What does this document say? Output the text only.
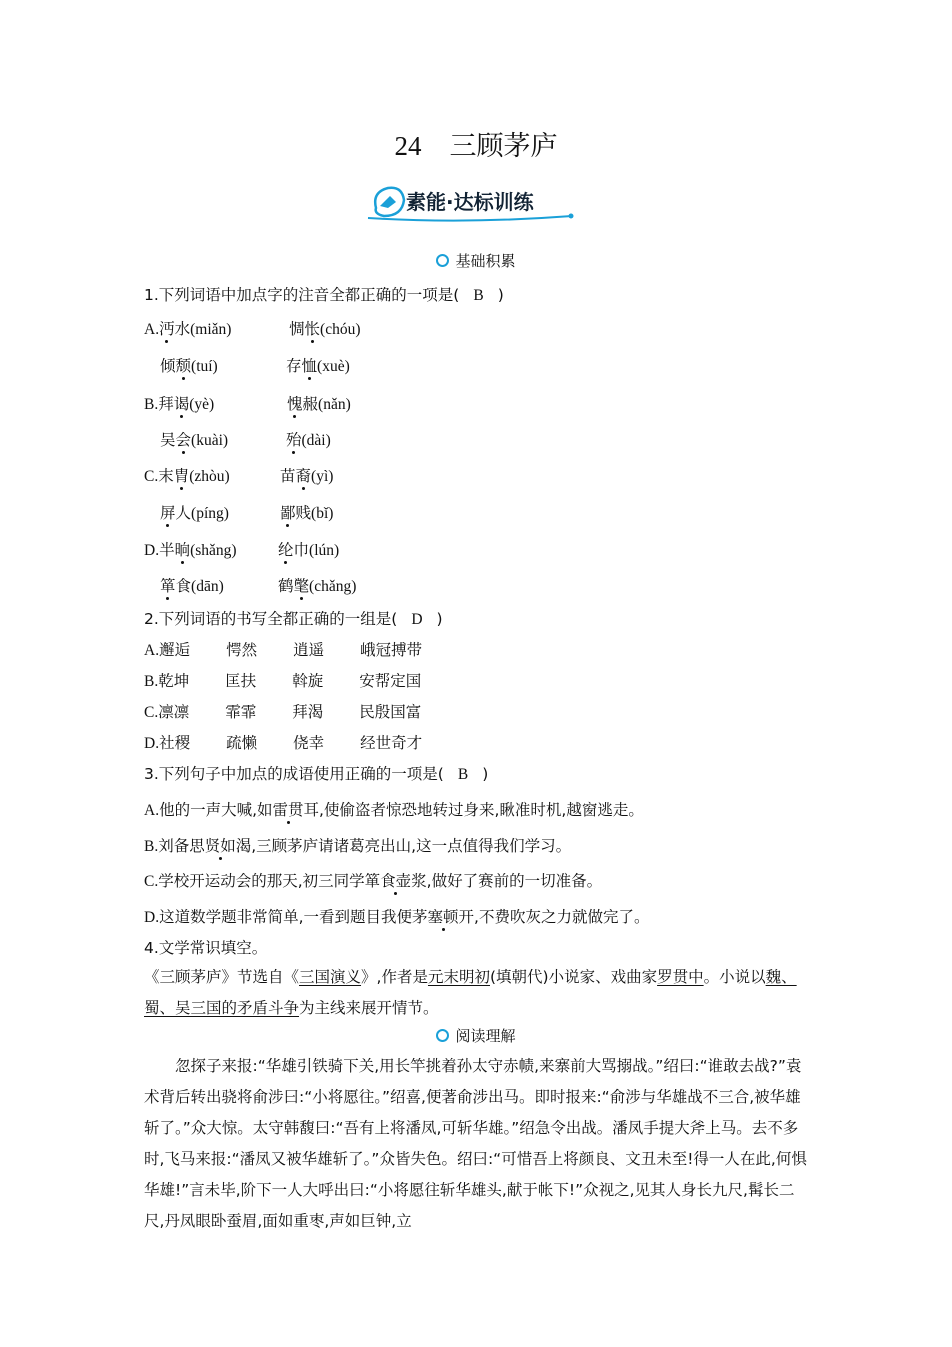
24 三顾茅庐
素能·达标训练
基础积累
1.下列词语中加点字的注音全都正确的一项是( B )
A.沔水(miǎn)	惆怅(chóu)
倾颓(tuí)	存恤(xuè)
B.拜谒(yè)	愧赧(nǎn)
吴会(kuài)	殆(dài)
C.末胄(zhòu)	苗裔(yì)
屏人(píng)	鄙贱(bǐ)
D.半晌(shǎng)	纶巾(lún)
箪食(dān)	鹤氅(chǎng)
2.下列词语的书写全都正确的一组是( D )
A.邂逅 愕然 逍遥 峨冠搏带
B.乾坤 匡扶 斡旋 安帮定国
C.凛凛 霏霏 拜渴 民殷国富
D.社稷 疏懒 侥幸 经世奇才
3.下列句子中加点的成语使用正确的一项是( B )
A.他的一声大喊,如雷贯耳,使偷盗者惊恐地转过身来,瞅准时机,越窗逃走。
B.刘备思贤如渴,三顾茅庐请诸葛亮出山,这一点值得我们学习。
C.学校开运动会的那天,初三同学箪食壶浆,做好了赛前的一切准备。
D.这道数学题非常简单,一看到题目我便茅塞顿开,不费吹灰之力就做完了。
4.文学常识填空。
《三顾茅庐》节选自《三国演义》,作者是元末明初(填朝代)小说家、戏曲家罗贯中。小说以魏、蜀、吴三国的矛盾斗争为主线来展开情节。
阅读理解
忽探子来报:“华雄引铁骑下关,用长竿挑着孙太守赤帻,来寨前大骂搦战。”绍曰:“谁敢去战?”袁术背后转出骁将俞涉曰:“小将愿往。”绍喜,便著俞涉出马。即时报来:“俞涉与华雄战不三合,被华雄斩了。”众大惊。太守韩馥曰:“吾有上将潘凤,可斩华雄。”绍急令出战。潘凤手提大斧上马。去不多时,飞马来报:“潘凤又被华雄斩了。”众皆失色。绍曰:“可惜吾上将颜良、文丑未至!得一人在此,何惧华雄!”言未毕,阶下一人大呼出曰:“小将愿往斩华雄头,献于帐下!”众视之,见其人身长九尺,髯长二尺,丹凤眼卧蚕眉,面如重枣,声如巨钟,立
